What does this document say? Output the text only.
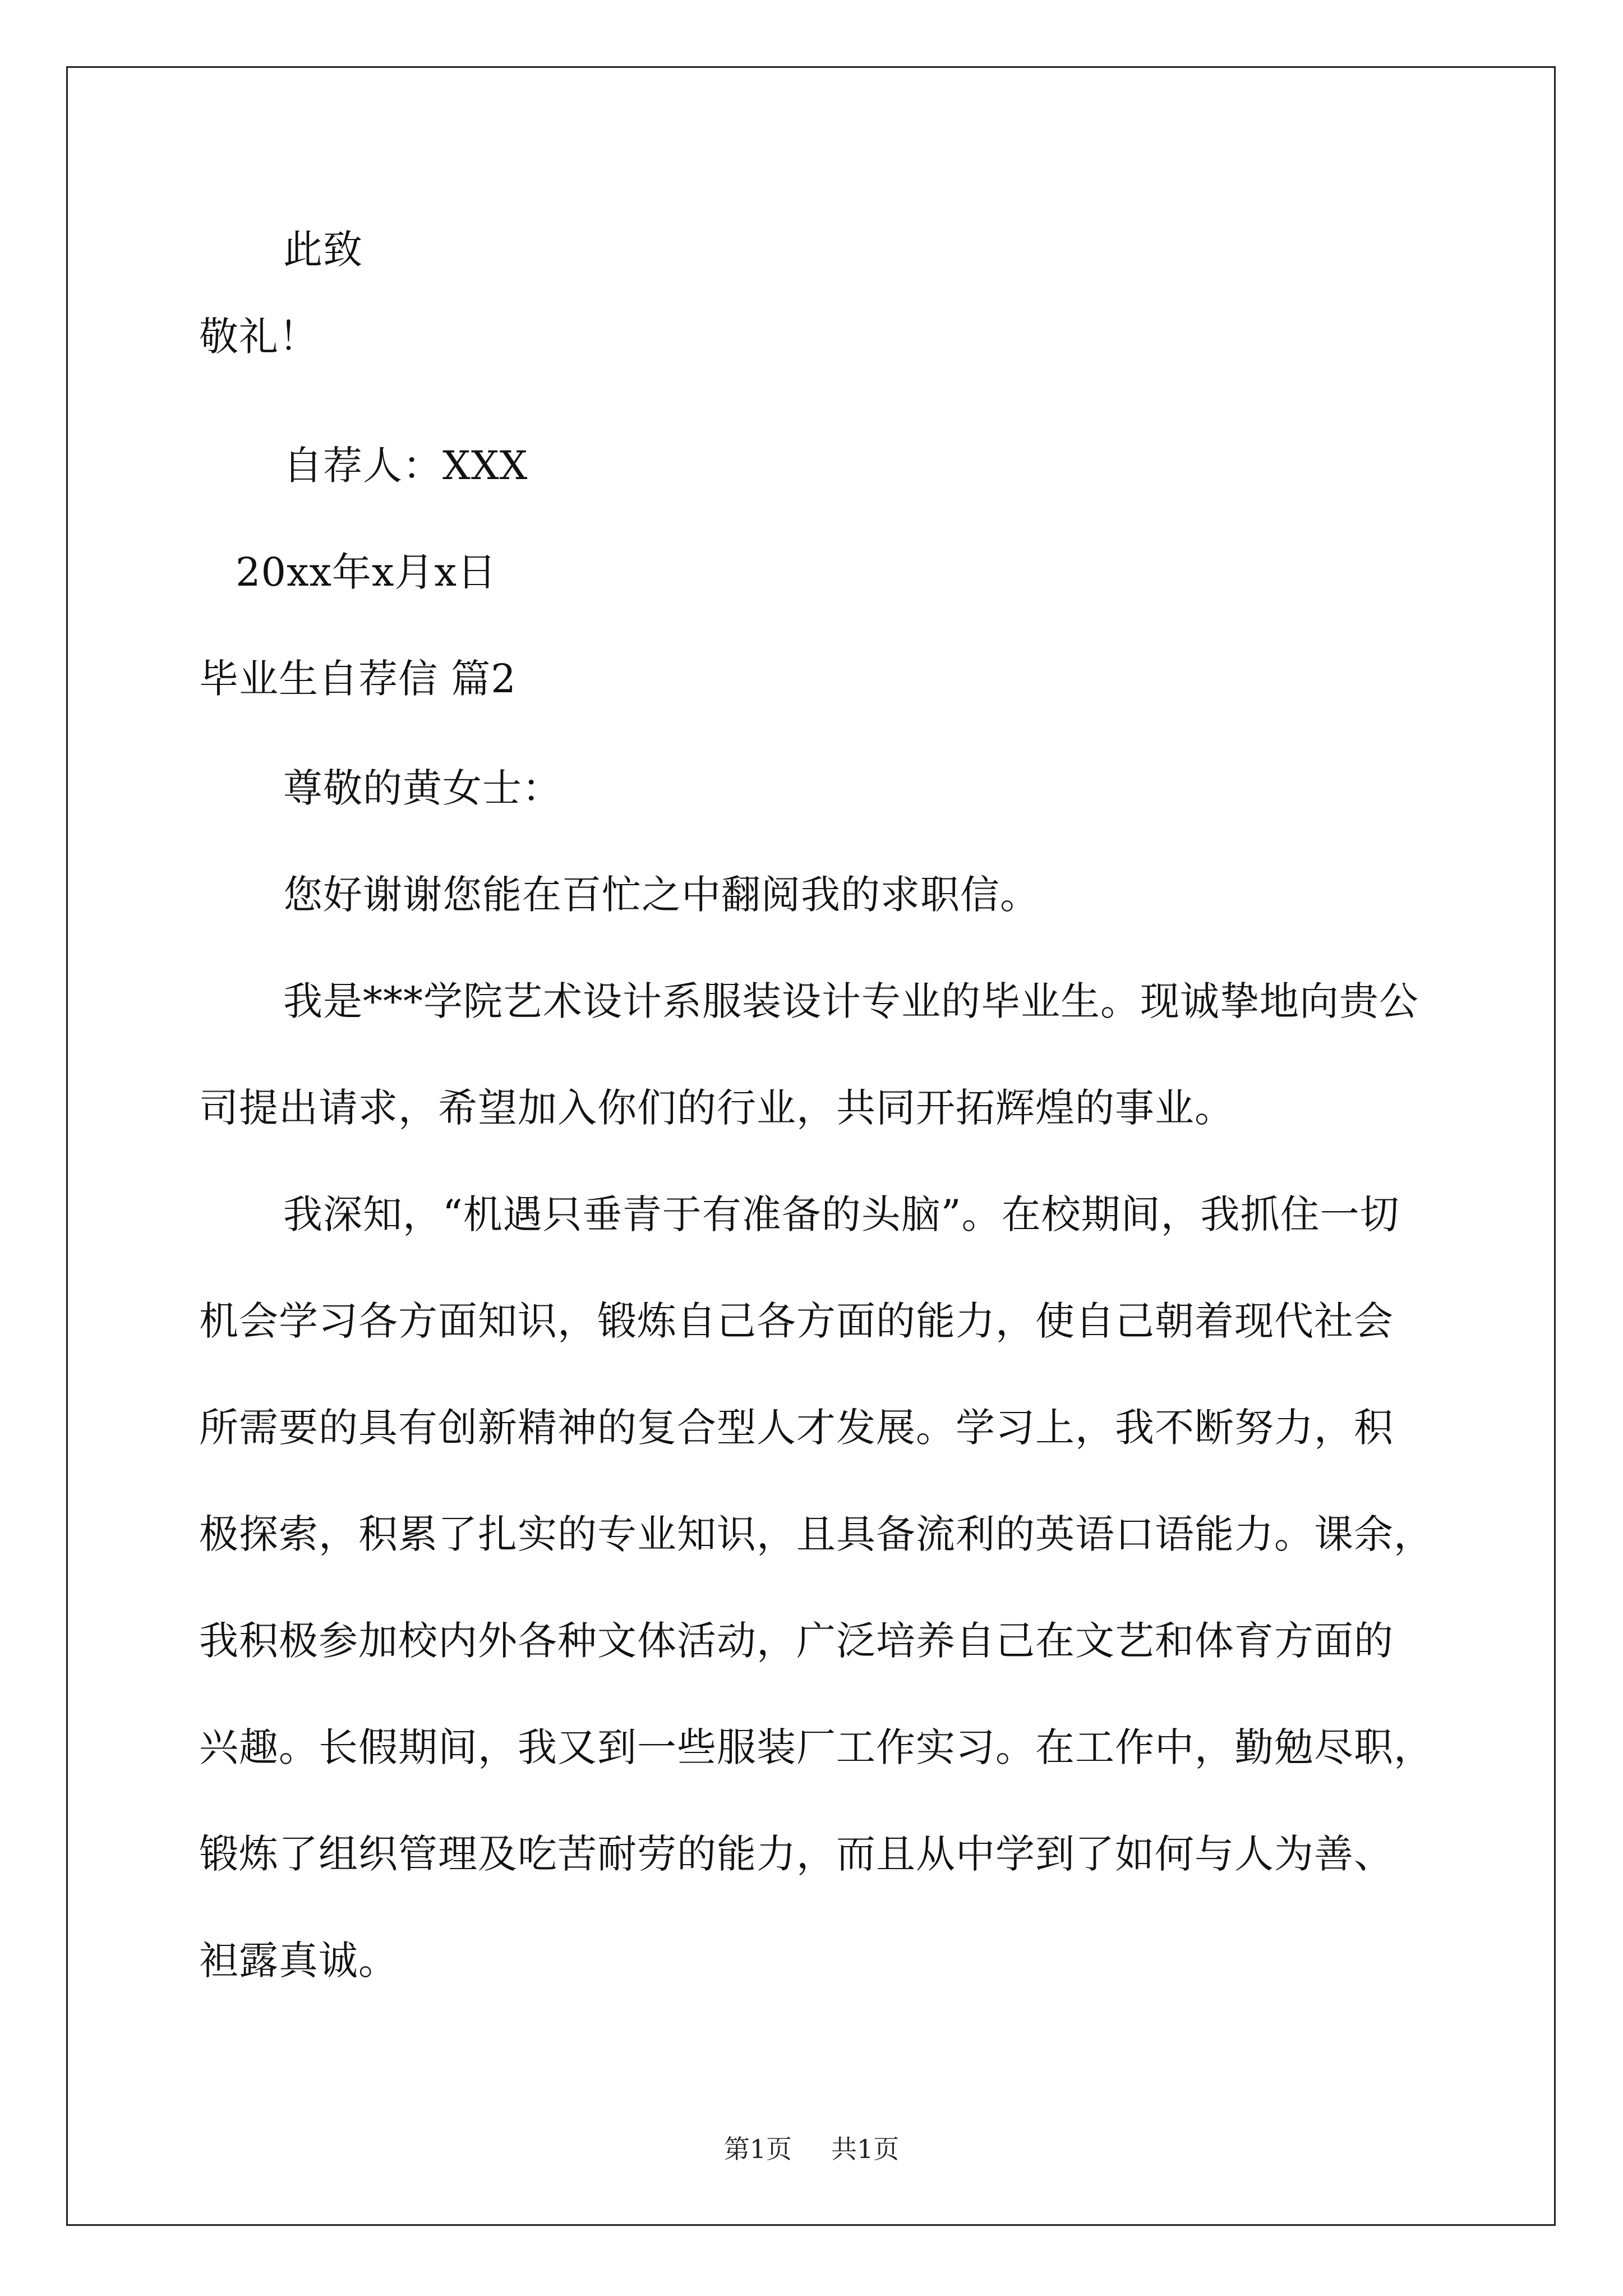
此致
敬礼！
自荐人：XXX
20xx年x月x日
毕业生自荐信 篇2
尊敬的黄女士：
您好谢谢您能在百忙之中翻阅我的求职信。
我是***学院艺术设计系服装设计专业的毕业生。现诚挚地向贵公
司提出请求，希望加入你们的行业，共同开拓辉煌的事业。
我深知，“机遇只垂青于有准备的头脑”。在校期间，我抓住一切
机会学习各方面知识，锻炼自己各方面的能力，使自己朝着现代社会
所需要的具有创新精神的复合型人才发展。学习上，我不断努力，积
极探索，积累了扎实的专业知识，且具备流利的英语口语能力。课余，
我积极参加校内外各种文体活动，广泛培养自己在文艺和体育方面的
兴趣。长假期间，我又到一些服装厂工作实习。在工作中，勤勉尽职，
锻炼了组织管理及吃苦耐劳的能力，而且从中学到了如何与人为善、
袒露真诚。
第1页 共1页
